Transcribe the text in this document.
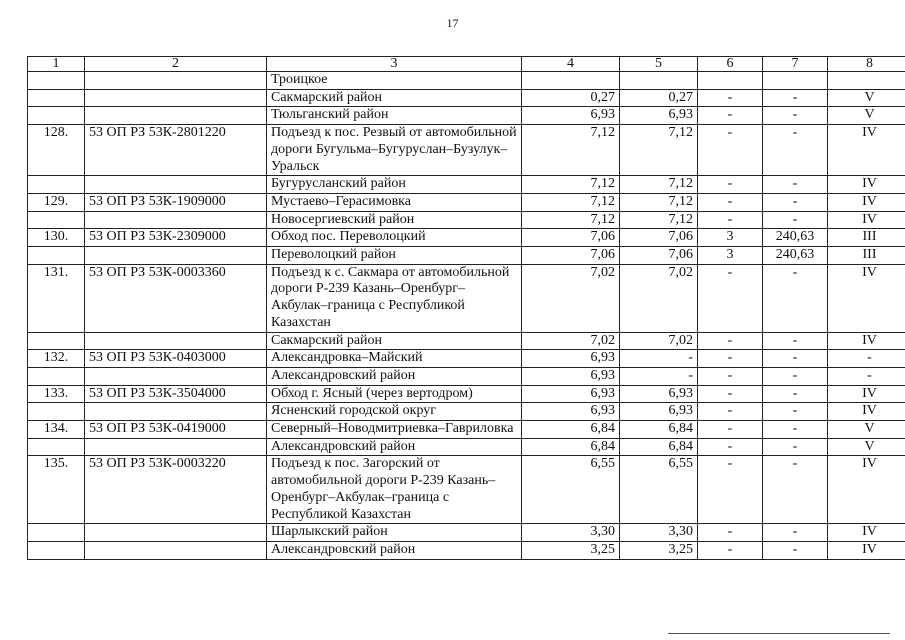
17
1	2	3	4	5	6	7	8
		Троицкое					
		Сакмарский район	0,27	0,27	-	-	V
		Тюльганский район	6,93	6,93	-	-	V
128.	53 ОП РЗ 53К-2801220	Подъезд к пос. Резвый от автомобильной дороги Бугульма–Бугуруслан–Бузулук–Уральск	7,12	7,12	-	-	IV
		Бугурусланский район	7,12	7,12	-	-	IV
129.	53 ОП РЗ 53К-1909000	Мустаево–Герасимовка	7,12	7,12	-	-	IV
		Новосергиевский район	7,12	7,12	-	-	IV
130.	53 ОП РЗ 53К-2309000	Обход пос. Переволоцкий	7,06	7,06	3	240,63	III
		Переволоцкий район	7,06	7,06	3	240,63	III
131.	53 ОП РЗ 53К-0003360	Подъезд к с. Сакмара от автомобильной дороги Р-239 Казань–Оренбург–Акбулак–граница с Республикой Казахстан	7,02	7,02	-	-	IV
		Сакмарский район	7,02	7,02	-	-	IV
132.	53 ОП РЗ 53К-0403000	Александровка–Майский	6,93	-	-	-	-
		Александровский район	6,93	-	-	-	-
133.	53 ОП РЗ 53К-3504000	Обход г. Ясный (через вертодром)	6,93	6,93	-	-	IV
		Ясненский городской округ	6,93	6,93	-	-	IV
134.	53 ОП РЗ 53К-0419000	Северный–Новодмитриевка–Гавриловка	6,84	6,84	-	-	V
		Александровский район	6,84	6,84	-	-	V
135.	53 ОП РЗ 53К-0003220	Подъезд к пос. Загорский от автомобильной дороги Р-239 Казань–Оренбург–Акбулак–граница с Республикой Казахстан	6,55	6,55	-	-	IV
		Шарлыкский район	3,30	3,30	-	-	IV
		Александровский район	3,25	3,25	-	-	IV
